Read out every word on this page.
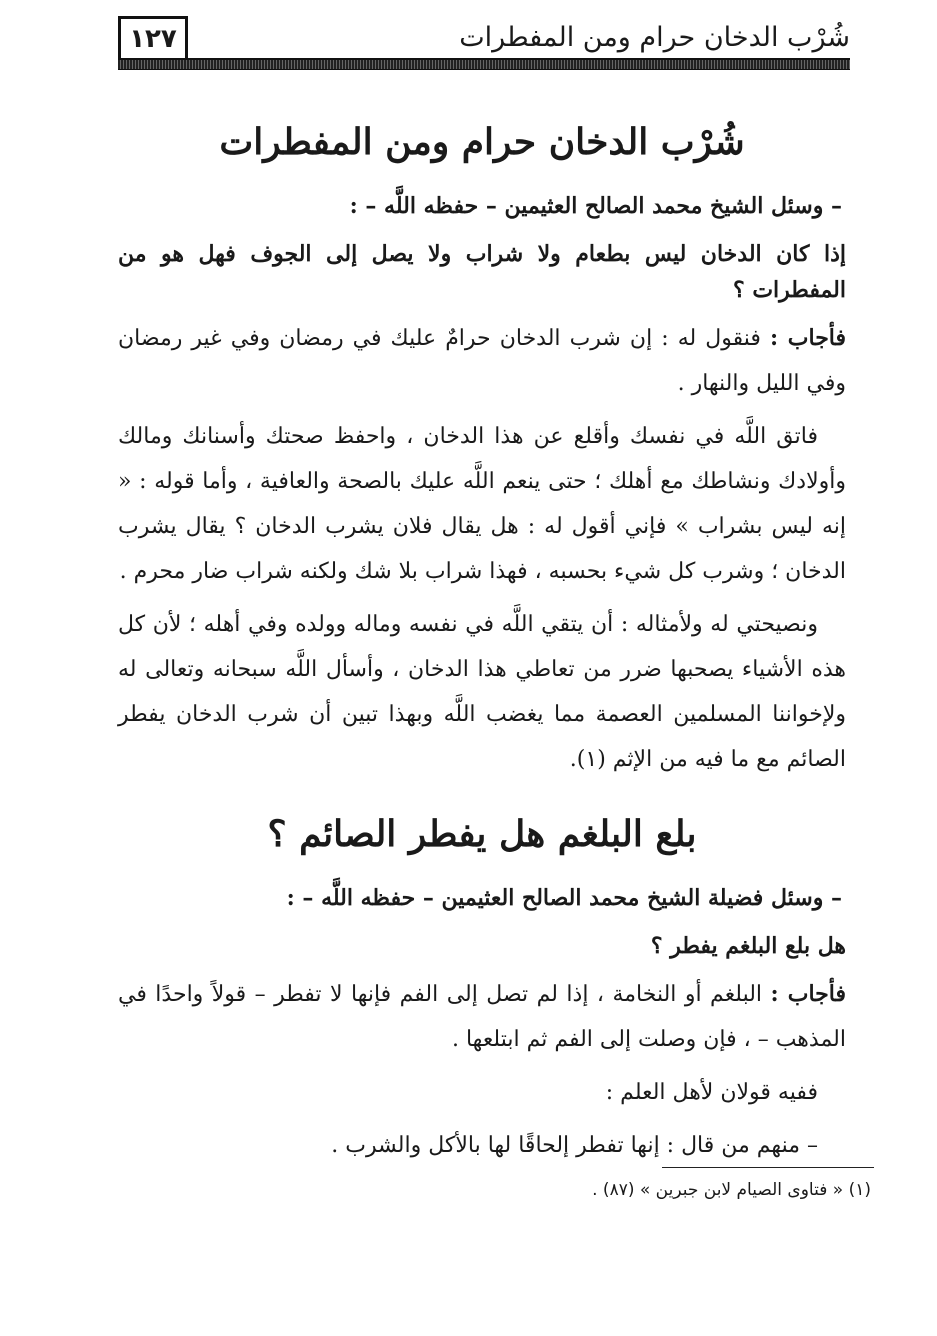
١٢٧	شُرْب الدخان حرام ومن المفطرات
شُرْب الدخان حرام ومن المفطرات

– وسئل الشيخ محمد الصالح العثيمين – حفظه اللَّه – :

إذا كان الدخان ليس بطعام ولا شراب ولا يصل إلى الجوف فهل هو من المفطرات ؟

فأجاب : فنقول له : إن شرب الدخان حرامٌ عليك في رمضان وفي غير رمضان وفي الليل والنهار .

فاتق اللَّه في نفسك وأقلع عن هذا الدخان ، واحفظ صحتك وأسنانك ومالك وأولادك ونشاطك مع أهلك ؛ حتى ينعم اللَّه عليك بالصحة والعافية ، وأما قوله : « إنه ليس بشراب » فإني أقول له : هل يقال فلان يشرب الدخان ؟ يقال يشرب الدخان ؛ وشرب كل شيء بحسبه ، فهذا شراب بلا شك ولكنه شراب ضار محرم .

ونصيحتي له ولأمثاله : أن يتقي اللَّه في نفسه وماله وولده وفي أهله ؛ لأن كل هذه الأشياء يصحبها ضرر من تعاطي هذا الدخان ، وأسأل اللَّه سبحانه وتعالى له ولإخواننا المسلمين العصمة مما يغضب اللَّه وبهذا تبين أن شرب الدخان يفطر الصائم مع ما فيه من الإثم (١).

بلع البلغم هل يفطر الصائم ؟

– وسئل فضيلة الشيخ محمد الصالح العثيمين – حفظه اللَّه – :

هل بلع البلغم يفطر ؟

فأجاب : البلغم أو النخامة ، إذا لم تصل إلى الفم فإنها لا تفطر – قولاً واحدًا في المذهب – ، فإن وصلت إلى الفم ثم ابتلعها .

ففيه قولان لأهل العلم :

– منهم من قال : إنها تفطر إلحاقًا لها بالأكل والشرب .

(١) « فتاوى الصيام لابن جبرين » (٨٧) .
